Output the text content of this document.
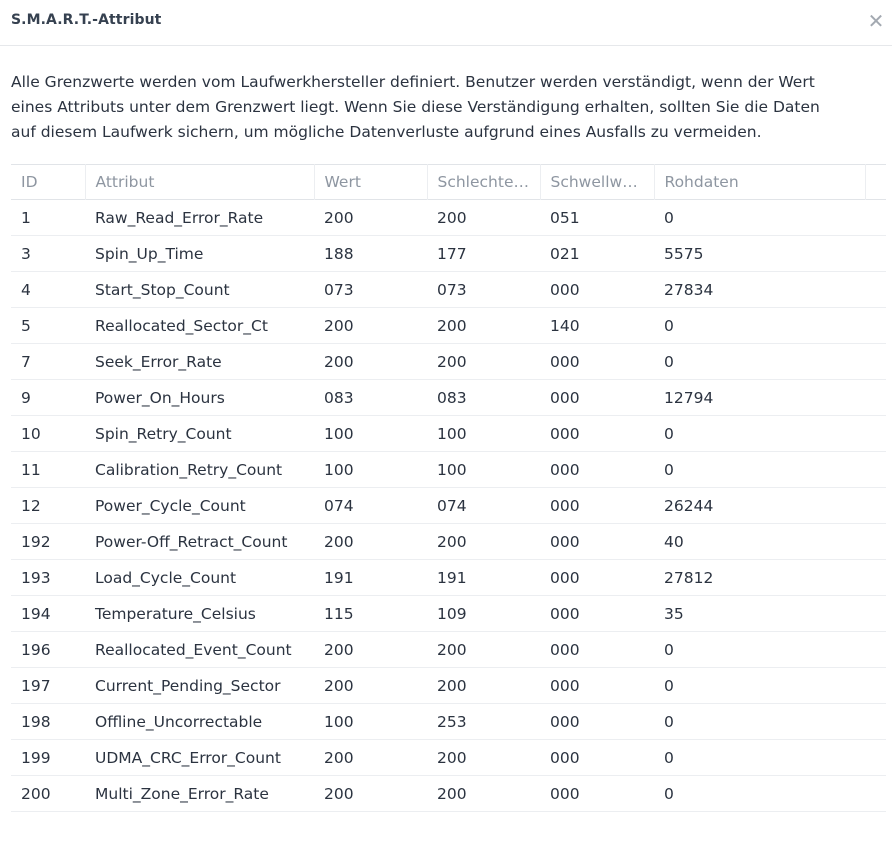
S.M.A.R.T.-Attribut	✕
Alle Grenzwerte werden vom Laufwerkhersteller definiert. Benutzer werden verständigt, wenn der Wert
eines Attributs unter dem Grenzwert liegt. Wenn Sie diese Verständigung erhalten, sollten Sie die Daten
auf diesem Laufwerk sichern, um mögliche Datenverluste aufgrund eines Ausfalls zu vermeiden.
ID	Attribut	Wert	Schlechte…	Schwellw…	Rohdaten	
1	Raw_Read_Error_Rate	200	200	051	0	
3	Spin_Up_Time	188	177	021	5575	
4	Start_Stop_Count	073	073	000	27834	
5	Reallocated_Sector_Ct	200	200	140	0	
7	Seek_Error_Rate	200	200	000	0	
9	Power_On_Hours	083	083	000	12794	
10	Spin_Retry_Count	100	100	000	0	
11	Calibration_Retry_Count	100	100	000	0	
12	Power_Cycle_Count	074	074	000	26244	
192	Power-Off_Retract_Count	200	200	000	40	
193	Load_Cycle_Count	191	191	000	27812	
194	Temperature_Celsius	115	109	000	35	
196	Reallocated_Event_Count	200	200	000	0	
197	Current_Pending_Sector	200	200	000	0	
198	Offline_Uncorrectable	100	253	000	0	
199	UDMA_CRC_Error_Count	200	200	000	0	
200	Multi_Zone_Error_Rate	200	200	000	0	
